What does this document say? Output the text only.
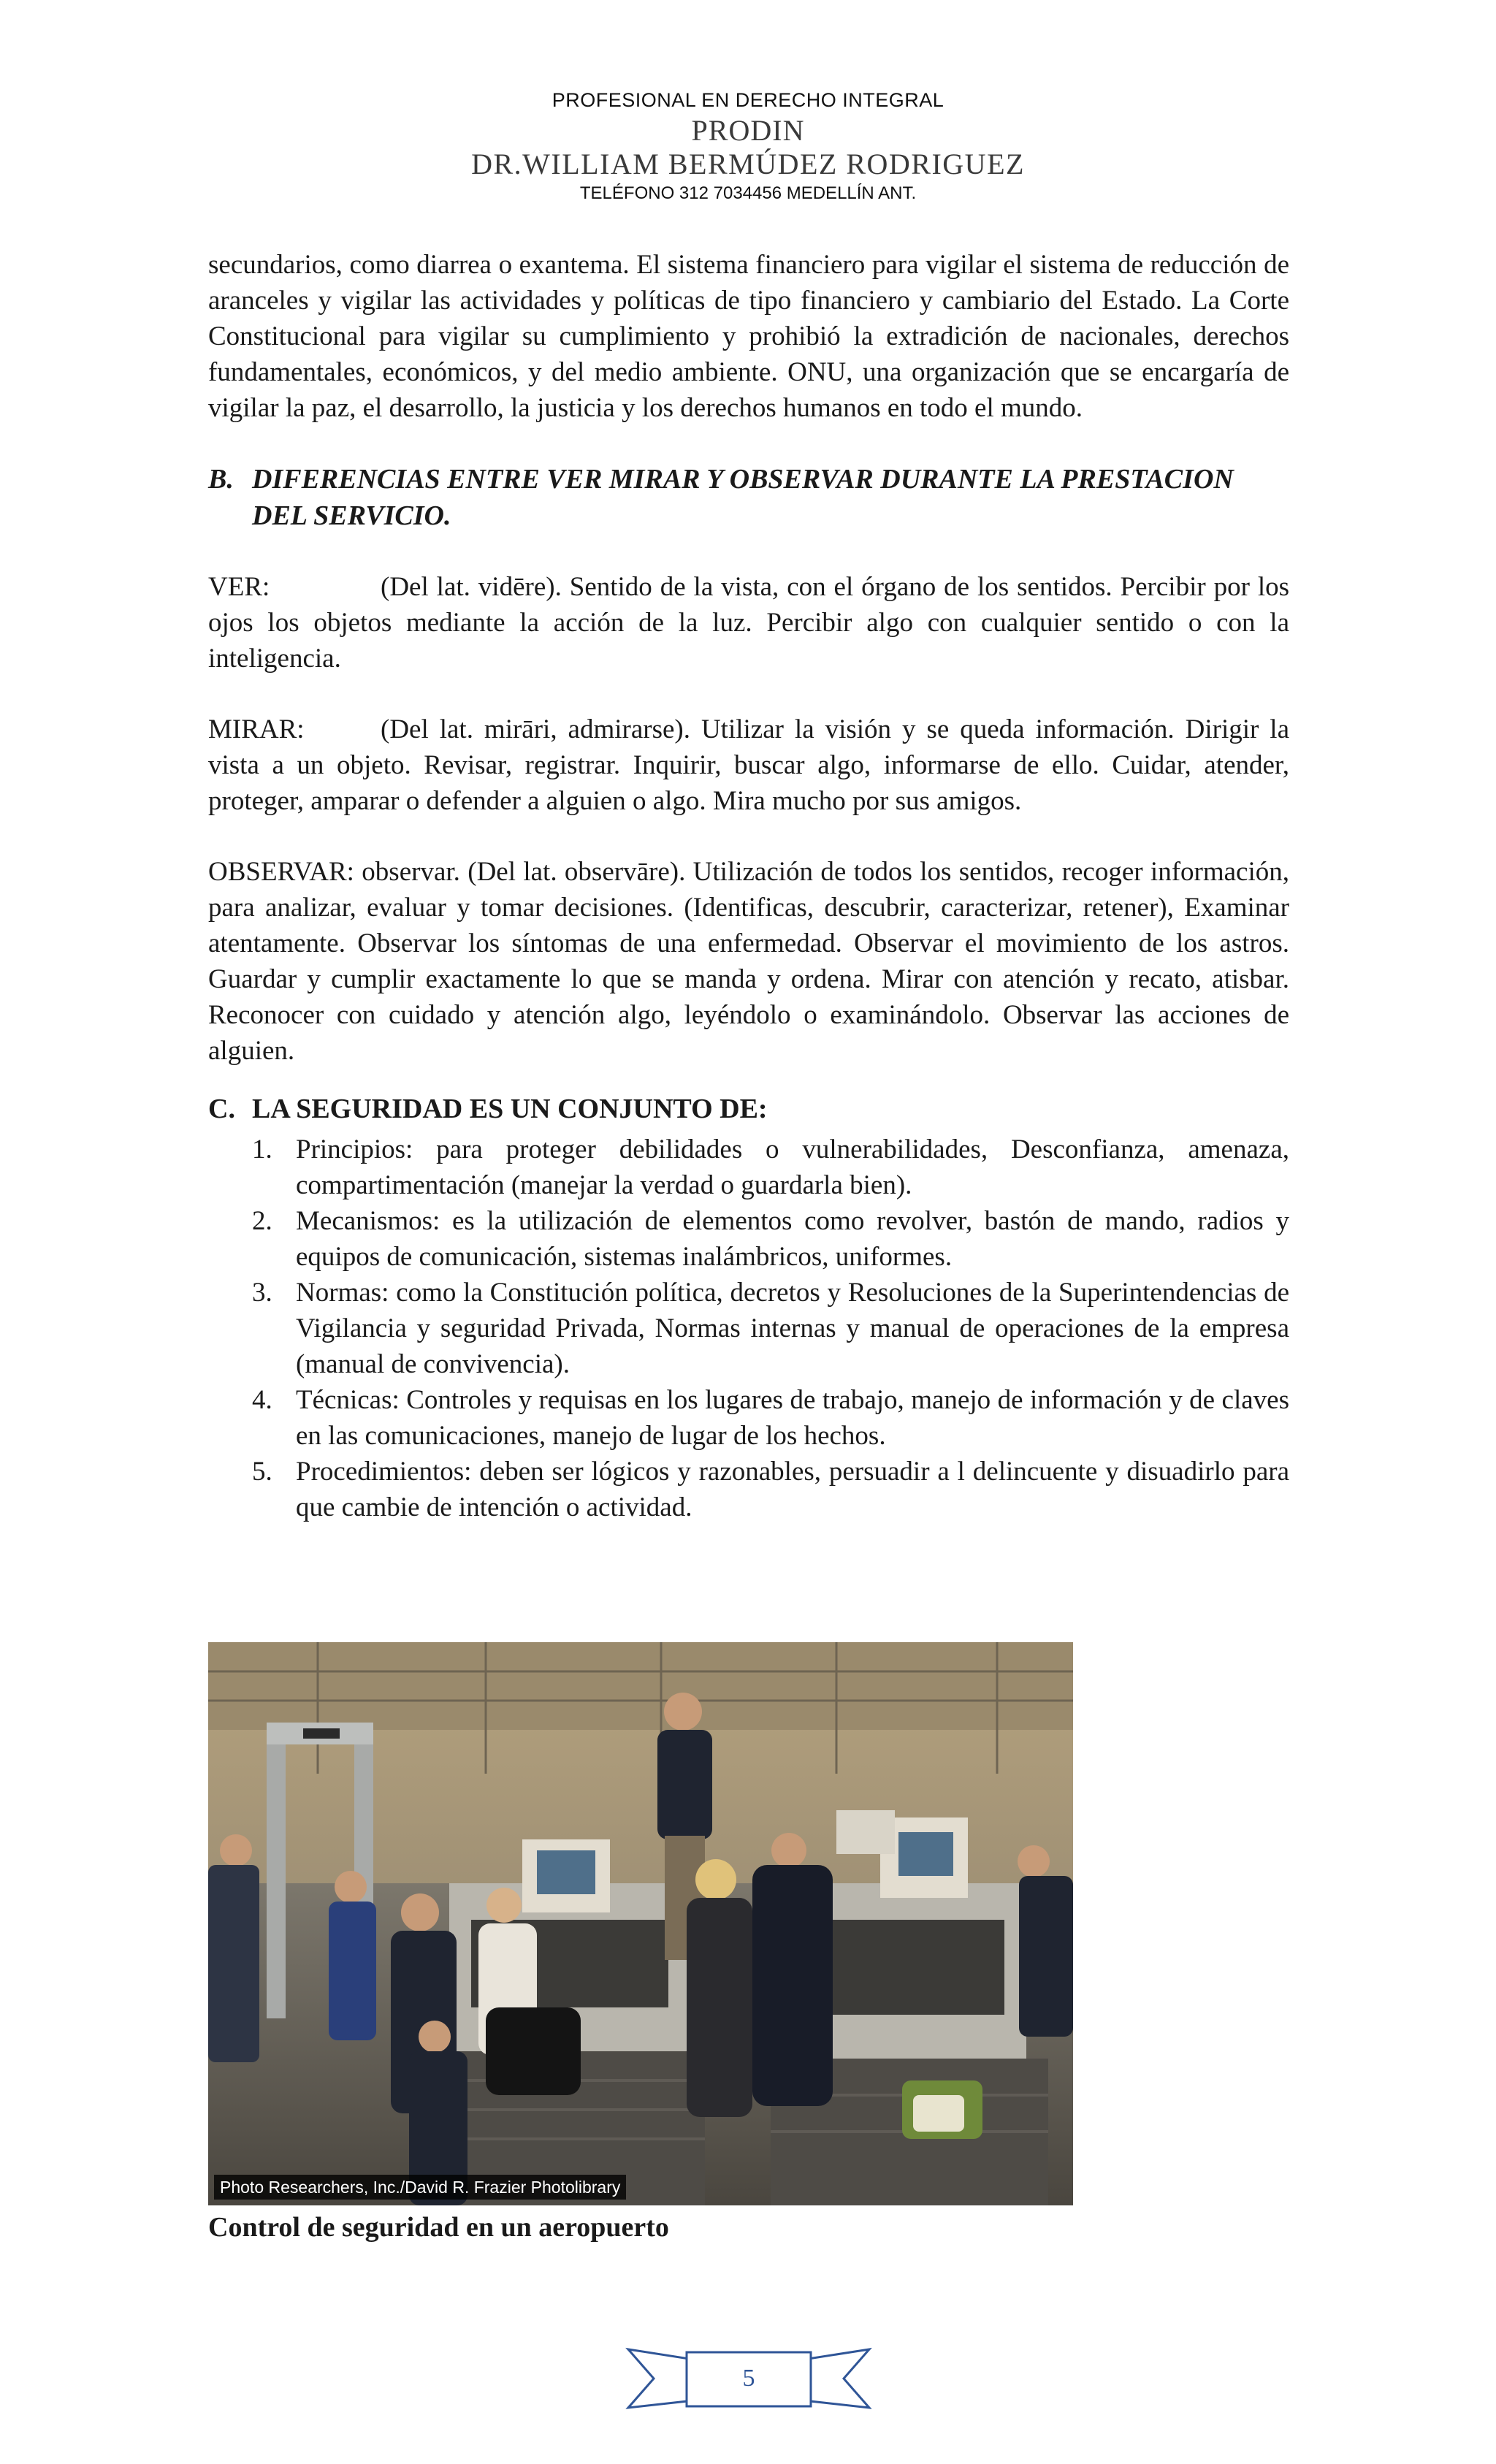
PROFESIONAL EN DERECHO INTEGRAL
PRODIN
DR.WILLIAM BERMÚDEZ RODRIGUEZ
TELÉFONO 312 7034456 MEDELLÍN ANT.

secundarios, como diarrea o exantema. El sistema financiero para vigilar el sistema de reducción de aranceles y vigilar las actividades y políticas de tipo financiero y cambiario del Estado. La Corte Constitucional para vigilar su cumplimiento y prohibió la extradición de nacionales, derechos fundamentales, económicos, y del medio ambiente. ONU, una organización que se encargaría de vigilar la paz, el desarrollo, la justicia y los derechos humanos en todo el mundo.

B. DIFERENCIAS ENTRE VER MIRAR Y OBSERVAR DURANTE LA PRESTACION DEL SERVICIO.

VER:	(Del lat. vidēre). Sentido de la vista, con el órgano de los sentidos. Percibir por los ojos los objetos mediante la acción de la luz. Percibir algo con cualquier sentido o con la inteligencia.

MIRAR:	(Del lat. mirāri, admirarse). Utilizar la visión y se queda información. Dirigir la vista a un objeto. Revisar, registrar. Inquirir, buscar algo, informarse de ello. Cuidar, atender, proteger, amparar o defender a alguien o algo. Mira mucho por sus amigos.

OBSERVAR: observar. (Del lat. observāre). Utilización de todos los sentidos, recoger información, para analizar, evaluar y tomar decisiones. (Identificas, descubrir, caracterizar, retener), Examinar atentamente. Observar los síntomas de una enfermedad. Observar el movimiento de los astros. Guardar y cumplir exactamente lo que se manda y ordena. Mirar con atención y recato, atisbar. Reconocer con cuidado y atención algo, leyéndolo o examinándolo. Observar las acciones de alguien.

C. LA SEGURIDAD ES UN CONJUNTO DE:
1. Principios: para proteger debilidades o vulnerabilidades, Desconfianza, amenaza, compartimentación (manejar la verdad o guardarla bien).
2. Mecanismos: es la utilización de elementos como revolver, bastón de mando, radios y equipos de comunicación, sistemas inalámbricos, uniformes.
3. Normas: como la Constitución política, decretos y Resoluciones de la Superintendencias de Vigilancia y seguridad Privada, Normas internas y manual de operaciones de la empresa (manual de convivencia).
4. Técnicas: Controles y requisas en los lugares de trabajo, manejo de información y de claves en las comunicaciones, manejo de lugar de los hechos.
5. Procedimientos: deben ser lógicos y razonables, persuadir a l delincuente y disuadirlo para que cambie de intención o actividad.
Photo Researchers, Inc./David R. Frazier Photolibrary
Control de seguridad en un aeropuerto
5
